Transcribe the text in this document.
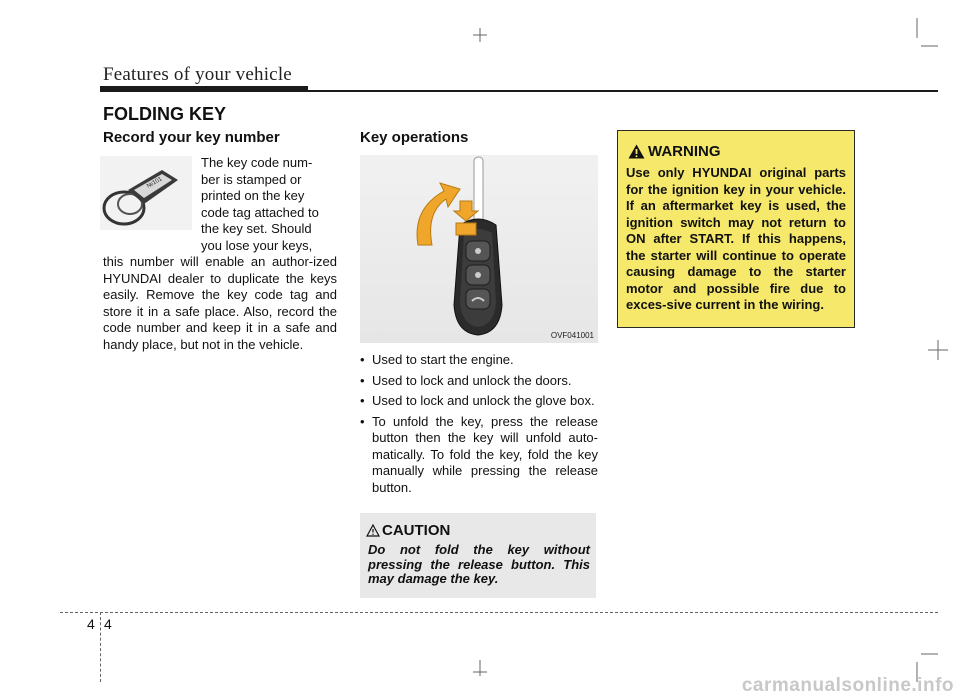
Features of your vehicle
FOLDING KEY
Record your key number
№101
The key code num-
ber is stamped or
printed on the key
code tag attached to
the key set. Should
you lose your keys,
this number will enable an author-ized HYUNDAI dealer to duplicate the keys easily. Remove the key code tag and store it in a safe place. Also, record the code number and keep it in a safe and handy place, but not in the vehicle.
Key operations
OVF041001
• Used to start the engine.
• Used to lock and unlock the doors.
• Used to lock and unlock the glove box.
• To unfold the key, press the release button then the key will unfold auto-matically. To fold the key, fold the key manually while pressing the release button.
CAUTION
Do not fold the key without pressing the release button. This may damage the key.
WARNING
Use only HYUNDAI original parts for the ignition key in your vehicle. If an aftermarket key is used, the ignition switch may not return to ON after START. If this happens, the starter will continue to operate causing damage to the starter motor and possible fire due to exces-sive current in the wiring.
4 4
carmanualsonline.info
